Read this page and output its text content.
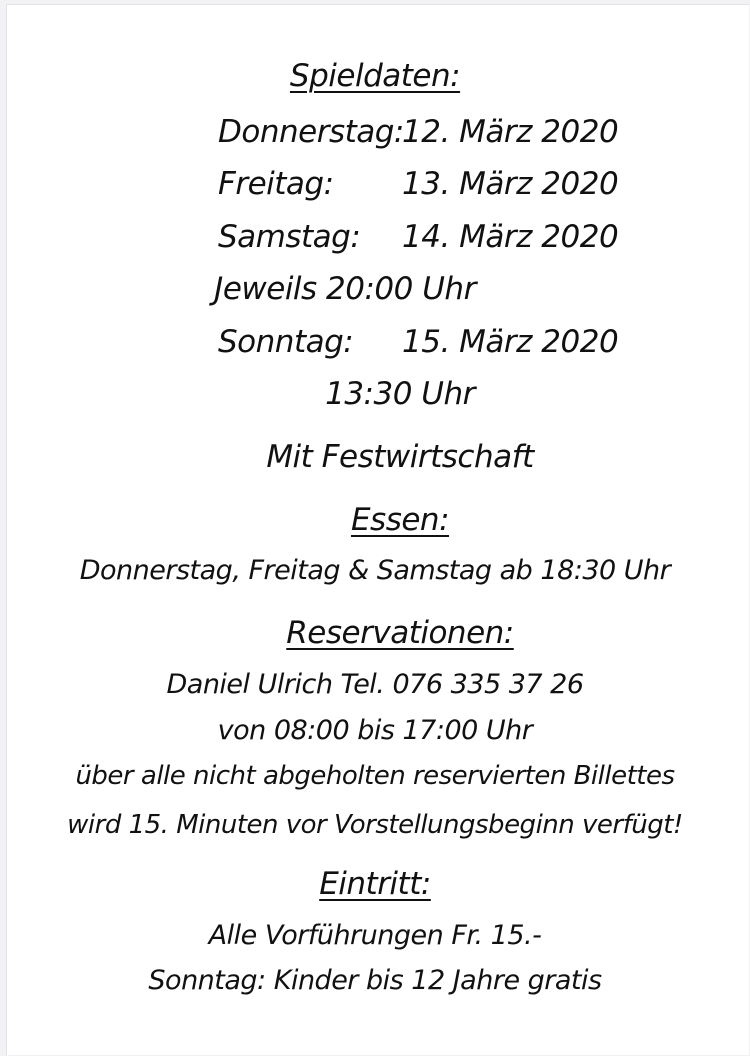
Spieldaten:
Donnerstag:12. März 2020
Freitag: 13. März 2020
Samstag: 14. März 2020
Jeweils 20:00 Uhr
Sonntag: 15. März 2020
13:30 Uhr
Mit Festwirtschaft
Essen:
Donnerstag, Freitag & Samstag ab 18:30 Uhr
Reservationen:
Daniel Ulrich Tel. 076 335 37 26
von 08:00 bis 17:00 Uhr
über alle nicht abgeholten reservierten Billettes
wird 15. Minuten vor Vorstellungsbeginn verfügt!
Eintritt:
Alle Vorführungen Fr. 15.-
Sonntag: Kinder bis 12 Jahre gratis
